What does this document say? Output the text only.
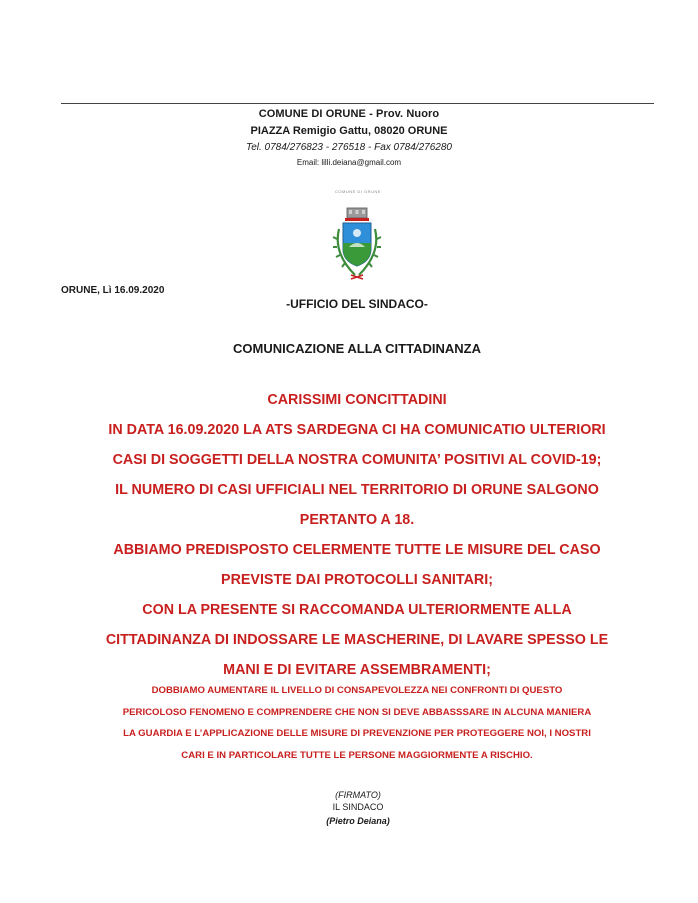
COMUNE DI ORUNE - Prov. Nuoro
PIAZZA Remigio Gattu, 08020 ORUNE
Tel. 0784/276823 - 276518 - Fax 0784/276280
Email: lilli.deiana@gmail.com
COMUNE DI ORUNE
ORUNE, Lì 16.09.2020
-UFFICIO DEL SINDACO-
COMUNICAZIONE ALLA CITTADINANZA
CARISSIMI CONCITTADINI
IN DATA 16.09.2020 LA ATS SARDEGNA CI HA COMUNICATIO ULTERIORI
CASI DI SOGGETTI DELLA NOSTRA COMUNITA’ POSITIVI AL COVID-19;
IL NUMERO DI CASI UFFICIALI NEL TERRITORIO DI ORUNE SALGONO
PERTANTO A 18.
ABBIAMO PREDISPOSTO CELERMENTE TUTTE LE MISURE DEL CASO
PREVISTE DAI PROTOCOLLI SANITARI;
CON LA PRESENTE SI RACCOMANDA ULTERIORMENTE ALLA
CITTADINANZA DI INDOSSARE LE MASCHERINE, DI LAVARE SPESSO LE
MANI E DI EVITARE ASSEMBRAMENTI;
DOBBIAMO AUMENTARE IL LIVELLO DI CONSAPEVOLEZZA NEI CONFRONTI DI QUESTO
PERICOLOSO FENOMENO E COMPRENDERE CHE NON SI DEVE ABBASSSARE IN ALCUNA MANIERA
LA GUARDIA E L’APPLICAZIONE DELLE MISURE DI PREVENZIONE PER PROTEGGERE NOI, I NOSTRI
CARI E IN PARTICOLARE TUTTE LE PERSONE MAGGIORMENTE A RISCHIO.
(FIRMATO)
IL SINDACO
(Pietro Deiana)
